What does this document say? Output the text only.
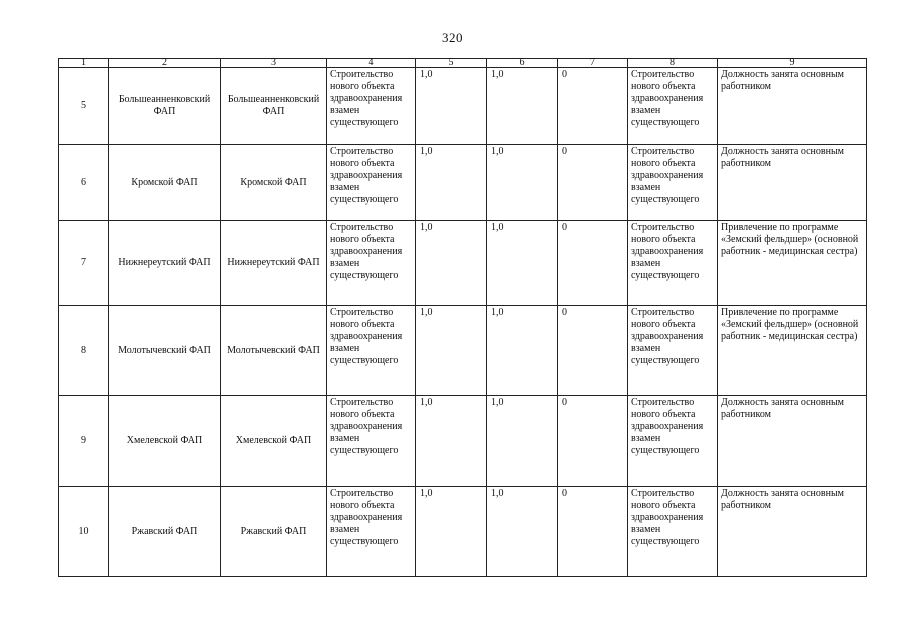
320
1	2	3	4	5	6	7	8	9
5	Большеанненковский ФАП	Большеанненковский ФАП	Строительство нового объекта здравоохранения взамен существующего	1,0	1,0	0	Строительство нового объекта здравоохранения взамен существующего	Должность занята основным работником
6	Кромской ФАП	Кромской ФАП	Строительство нового объекта здравоохранения взамен существующего	1,0	1,0	0	Строительство нового объекта здравоохранения взамен существующего	Должность занята основным работником
7	Нижнереутский ФАП	Нижнереутский ФАП	Строительство нового объекта здравоохранения взамен существующего	1,0	1,0	0	Строительство нового объекта здравоохранения взамен существующего	Привлечение по программе «Земский фельдшер» (основной работник - медицинская сестра)
8	Молотычевский ФАП	Молотычевский ФАП	Строительство нового объекта здравоохранения взамен существующего	1,0	1,0	0	Строительство нового объекта здравоохранения взамен существующего	Привлечение по программе «Земский фельдшер» (основной работник - медицинская сестра)
9	Хмелевской ФАП	Хмелевской ФАП	Строительство нового объекта здравоохранения взамен существующего	1,0	1,0	0	Строительство нового объекта здравоохранения взамен существующего	Должность занята основным работником
10	Ржавский ФАП	Ржавский ФАП	Строительство нового объекта здравоохранения взамен существующего	1,0	1,0	0	Строительство нового объекта здравоохранения взамен существующего	Должность занята основным работником
